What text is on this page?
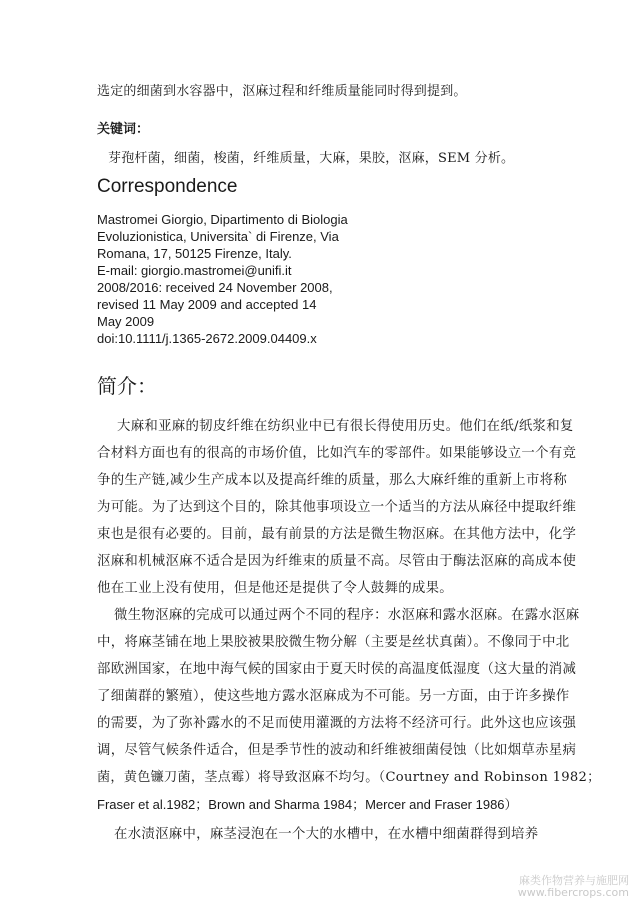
选定的细菌到水容器中，沤麻过程和纤维质量能同时得到提到。
关键词：
芽孢杆菌，细菌，梭菌，纤维质量，大麻，果胶，沤麻，SEM 分析。
Correspondence
Mastromei Giorgio, Dipartimento di Biologia
Evoluzionistica, Universita` di Firenze, Via
Romana, 17, 50125 Firenze, Italy.
E-mail: giorgio.mastromei@unifi.it
2008/2016: received 24 November 2008,
revised 11 May 2009 and accepted 14
May 2009
doi:10.1111/j.1365-2672.2009.04409.x
简介：
大麻和亚麻的韧皮纤维在纺织业中已有很长得使用历史。他们在纸/纸浆和复
合材料方面也有的很高的市场价值，比如汽车的零部件。如果能够设立一个有竞
争的生产链,减少生产成本以及提高纤维的质量，那么大麻纤维的重新上市将称
为可能。为了达到这个目的，除其他事项设立一个适当的方法从麻径中提取纤维
束也是很有必要的。目前，最有前景的方法是微生物沤麻。在其他方法中，化学
沤麻和机械沤麻不适合是因为纤维束的质量不高。尽管由于酶法沤麻的高成本使
他在工业上没有使用，但是他还是提供了令人鼓舞的成果。
微生物沤麻的完成可以通过两个不同的程序：水沤麻和露水沤麻。在露水沤麻
中，将麻茎铺在地上果胶被果胶微生物分解（主要是丝状真菌）。不像同于中北
部欧洲国家，在地中海气候的国家由于夏天时侯的高温度低湿度（这大量的消减
了细菌群的繁殖），使这些地方露水沤麻成为不可能。另一方面，由于许多操作
的需要，为了弥补露水的不足而使用灌溉的方法将不经济可行。此外这也应该强
调，尽管气候条件适合，但是季节性的波动和纤维被细菌侵蚀（比如烟草赤星病
菌，黄色镰刀菌，茎点霉）将导致沤麻不均匀。（Courtney and Robinson 1982；
Fraser et al.1982；Brown and Sharma 1984；Mercer and Fraser 1986）
在水渍沤麻中，麻茎浸泡在一个大的水槽中，在水槽中细菌群得到培养
麻类作物营养与施肥网
www.fibercrops.com
